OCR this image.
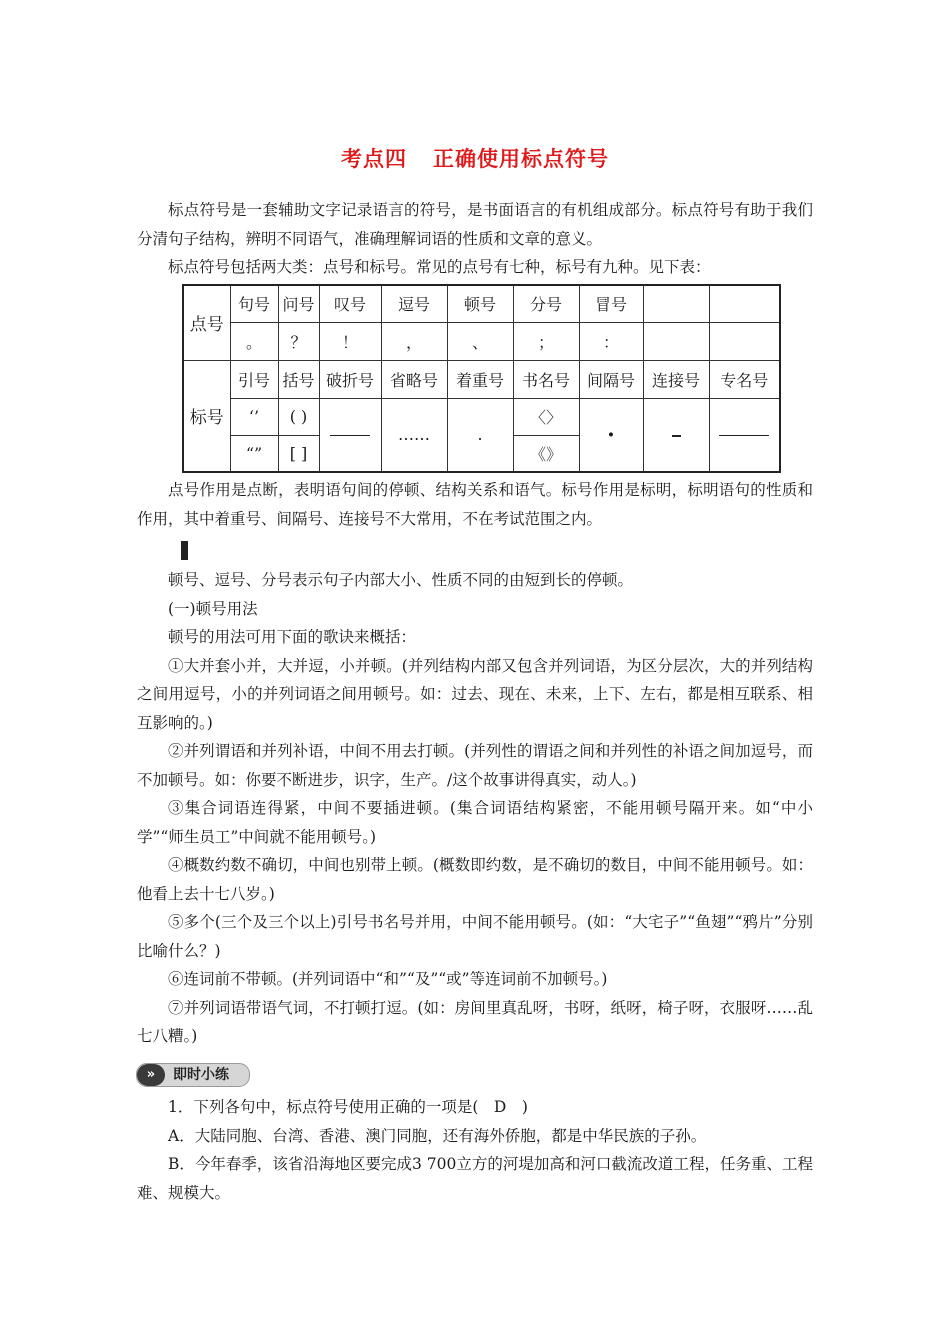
考点四 正确使用标点符号

标点符号是一套辅助文字记录语言的符号，是书面语言的有机组成部分。标点符号有助于我们分清句子结构，辨明不同语气，准确理解词语的性质和文章的意义。

标点符号包括两大类：点号和标号。常见的点号有七种，标号有九种。见下表：

点号	句号	问号	叹号	逗号	顿号	分号	冒号		
	。	？	！	，	、	；	：		
标号	引号	括号	破折号	省略号	着重号	书名号	间隔号	连接号	专名号
	‘’	( )		……	.	〈〉	·		
	“”	[ ]				《》			

点号作用是点断，表明语句间的停顿、结构关系和语气。标号作用是标明，标明语句的性质和作用，其中着重号、间隔号、连接号不大常用，不在考试范围之内。

顿号、逗号、分号表示句子内部大小、性质不同的由短到长的停顿。

(一)顿号用法

顿号的用法可用下面的歌诀来概括：

①大并套小并，大并逗，小并顿。(并列结构内部又包含并列词语，为区分层次，大的并列结构之间用逗号，小的并列词语之间用顿号。如：过去、现在、未来，上下、左右，都是相互联系、相互影响的。)

②并列谓语和并列补语，中间不用去打顿。(并列性的谓语之间和并列性的补语之间加逗号，而不加顿号。如：你要不断进步，识字，生产。/这个故事讲得真实，动人。)

③集合词语连得紧，中间不要插进顿。(集合词语结构紧密，不能用顿号隔开来。如“中小学”“师生员工”中间就不能用顿号。)

④概数约数不确切，中间也别带上顿。(概数即约数，是不确切的数目，中间不能用顿号。如：他看上去十七八岁。)

⑤多个(三个及三个以上)引号书名号并用，中间不能用顿号。(如：“大宅子”“鱼翅”“鸦片”分别比喻什么？)

⑥连词前不带顿。(并列词语中“和”“及”“或”等连词前不加顿号。)

⑦并列词语带语气词，不打顿打逗。(如：房间里真乱呀，书呀，纸呀，椅子呀，衣服呀……乱七八糟。)

»	即时小练

1．下列各句中，标点符号使用正确的一项是(　D　)

A．大陆同胞、台湾、香港、澳门同胞，还有海外侨胞，都是中华民族的子孙。

B．今年春季，该省沿海地区要完成3 700立方的河堤加高和河口截流改道工程，任务重、工程难、规模大。
